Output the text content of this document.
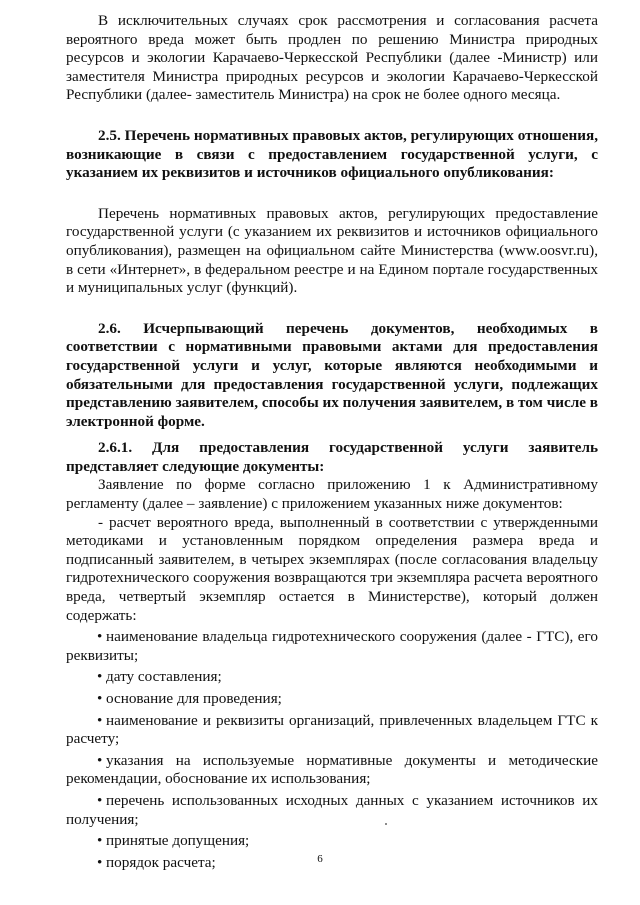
В исключительных случаях срок рассмотрения и согласования расчета вероятного вреда может быть продлен по решению Министра природных ресурсов и экологии Карачаево-Черкесской Республики (далее -Министр) или заместителя Министра природных ресурсов и экологии Карачаево-Черкесской Республики (далее- заместитель Министра) на срок не более одного месяца.

2.5. Перечень нормативных правовых актов, регулирующих отношения, возникающие в связи с предоставлением государственной услуги, с указанием их реквизитов и источников официального опубликования:

Перечень нормативных правовых актов, регулирующих предоставление государственной услуги (с указанием их реквизитов и источников официального опубликования), размещен на официальном сайте Министерства (www.oosvr.ru), в сети «Интернет», в федеральном реестре и на Едином портале государственных и муниципальных услуг (функций).

2.6. Исчерпывающий перечень документов, необходимых в соответствии с нормативными правовыми актами для предоставления государственной услуги и услуг, которые являются необходимыми и обязательными для предоставления государственной услуги, подлежащих представлению заявителем, способы их получения заявителем, в том числе в электронной форме.

2.6.1. Для предоставления государственной услуги заявитель представляет следующие документы:

Заявление по форме согласно приложению 1 к Административному регламенту (далее – заявление) с приложением указанных ниже документов:

- расчет вероятного вреда, выполненный в соответствии с утвержденными методиками и установленным порядком определения размера вреда и подписанный заявителем, в четырех экземплярах (после согласования владельцу гидротехнического сооружения возвращаются три экземпляра расчета вероятного вреда, четвертый экземпляр остается в Министерстве), который должен содержать:

• наименование владельца гидротехнического сооружения (далее - ГТС), его реквизиты;

• дату составления;

• основание для проведения;

• наименование и реквизиты организаций, привлеченных владельцем ГТС к расчету;

• указания на используемые нормативные документы и методические рекомендации, обоснование их использования;

• перечень использованных исходных данных с указанием источников их получения;

• принятые допущения;

• порядок расчета;	6
